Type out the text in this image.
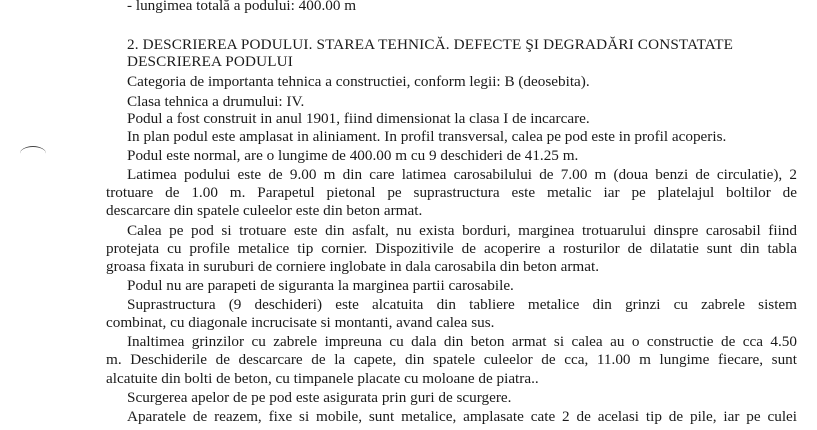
- lungimea totală a podului: 400.00 m
2. DESCRIEREA PODULUI. STAREA TEHNICĂ. DEFECTE ŞI DEGRADĂRI CONSTATATE
DESCRIEREA PODULUI
Categoria de importanta tehnica a constructiei, conform legii: B (deosebita).
Clasa tehnica a drumului: IV.
Podul a fost construit in anul 1901, fiind dimensionat la clasa I de incarcare.
In plan podul este amplasat in aliniament. In profil transversal, calea pe pod este in profil acoperis.
Podul este normal, are o lungime de 400.00 m cu 9 deschideri de 41.25 m.
Latimea podului este de 9.00 m din care latimea carosabilului de 7.00 m (doua benzi de circulatie), 2
trotuare de 1.00 m. Parapetul pietonal pe suprastructura este metalic iar pe platelajul boltilor de
descarcare din spatele culeelor este din beton armat.
Calea pe pod si trotuare este din asfalt, nu exista borduri, marginea trotuarului dinspre carosabil fiind
protejata cu profile metalice tip cornier. Dispozitivile de acoperire a rosturilor de dilatatie sunt din tabla
groasa fixata in suruburi de corniere inglobate in dala carosabila din beton armat.
Podul nu are parapeti de siguranta la marginea partii carosabile.
Suprastructura (9 deschideri) este alcatuita din tabliere metalice din grinzi cu zabrele sistem
combinat, cu diagonale incrucisate si montanti, avand calea sus.
Inaltimea grinzilor cu zabrele impreuna cu dala din beton armat si calea au o constructie de cca 4.50
m. Deschiderile de descarcare de la capete, din spatele culeelor de cca, 11.00 m lungime fiecare, sunt
alcatuite din bolti de beton, cu timpanele placate cu moloane de piatra..
Scurgerea apelor de pe pod este asigurata prin guri de scurgere.
Aparatele de reazem, fixe si mobile, sunt metalice, amplasate cate 2 de acelasi tip de pile, iar pe culei
